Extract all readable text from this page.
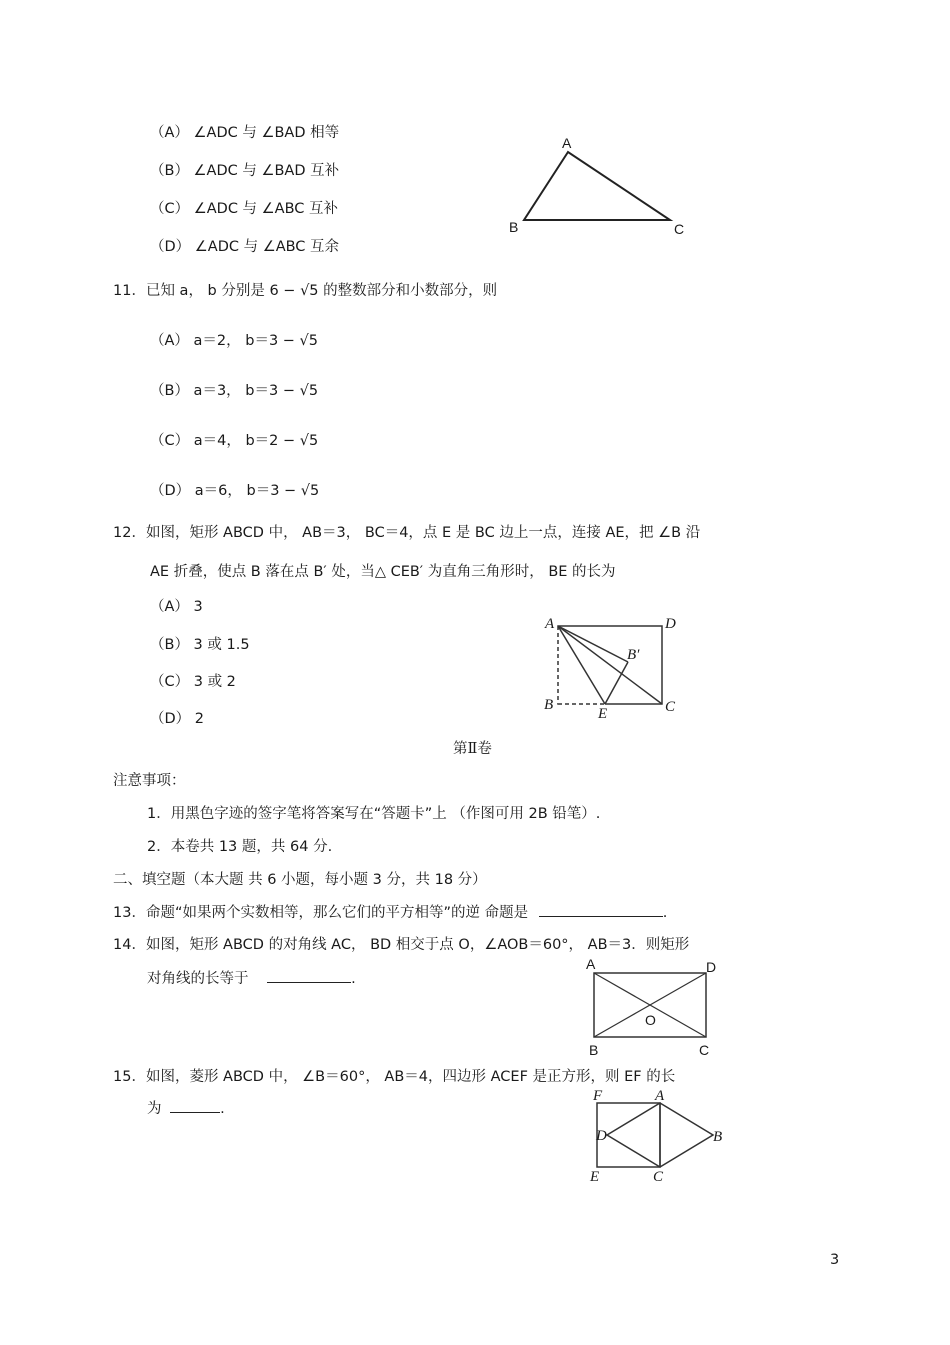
（A） ∠ADC 与 ∠BAD 相等
（B） ∠ADC 与 ∠BAD 互补
（C） ∠ADC 与 ∠ABC 互补
（D） ∠ADC 与 ∠ABC 互余
A
B	C
11．已知 a， b 分别是 6 − √5 的整数部分和小数部分，则
（A） a＝2， b＝3 − √5
（B） a＝3， b＝3 − √5
（C） a＝4， b＝2 − √5
（D） a＝6， b＝3 − √5
12．如图，矩形 ABCD 中， AB＝3， BC＝4，点 E 是 BC 边上一点，连接 AE，把 ∠B 沿
AE 折叠，使点 B 落在点 B′ 处，当△ CEB′ 为直角三角形时， BE 的长为
（A） 3
（B） 3 或 1.5
（C） 3 或 2
（D） 2
A	D
B′
B
E	C
第Ⅱ卷
注意事项：
1．用黑色字迹的签字笔将答案写在“答题卡”上 （作图可用 2B 铅笔）.
2．本卷共 13 题，共 64 分.
二、填空题（本大题 共 6 小题，每小题 3 分，共 18 分）
13．命题“如果两个实数相等，那么它们的平方相等”的逆 命题是	.
14．如图，矩形 ABCD 的对角线 AC， BD 相交于点 O，∠AOB＝60°， AB＝3．则矩形
对角线的长等于	.
A	D
O
B	C
15．如图，菱形 ABCD 中， ∠B＝60°， AB＝4，四边形 ACEF 是正方形，则 EF 的长
为	.
F	A
D	B
E	C
3
